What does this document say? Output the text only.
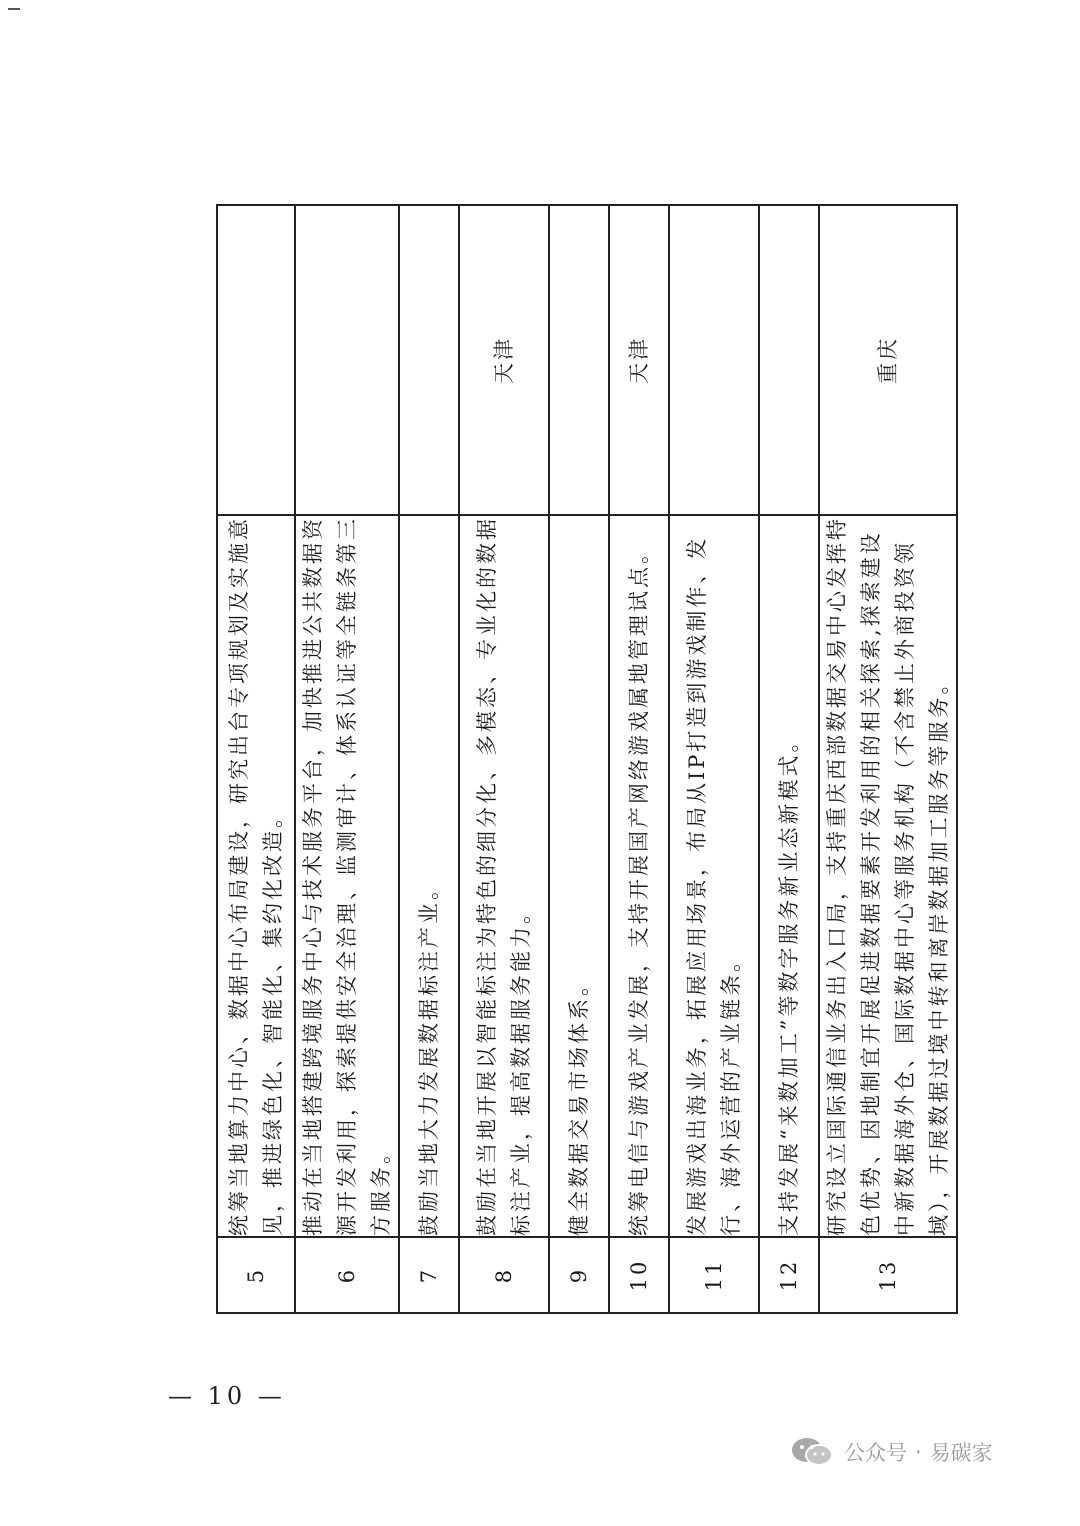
5	统筹当地算力中心、数据中心布局建设，研究出台专项规划及实施意见，推进绿色化、智能化、集约化改造。	
6	推动在当地搭建跨境服务中心与技术服务平台，加快推进公共数据资源开发利用，探索提供安全治理、监测审计、体系认证等全链条第三方服务。	
7	鼓励当地大力发展数据标注产业。	
8	鼓励在当地开展以智能标注为特色的细分化、多模态、专业化的数据标注产业，提高数据服务能力。	天津
9	健全数据交易市场体系。	
10	统筹电信与游戏产业发展，支持开展国产网络游戏属地管理试点。	天津
11	发展游戏出海业务，拓展应用场景，布局从IP打造到游戏制作、发行、海外运营的产业链条。	
12	支持发展“来数加工”等数字服务新业态新模式。	
13	研究设立国际通信业务出入口局，支持重庆西部数据交易中心发挥特色优势、因地制宜开展促进数据要素开发利用的相关探索,探索建设中新数据海外仓、国际数据中心等服务机构（不含禁止外商投资领域），开展数据过境中转和离岸数据加工服务等服务。	重庆
— 10 —
公众号 · 易碳家
